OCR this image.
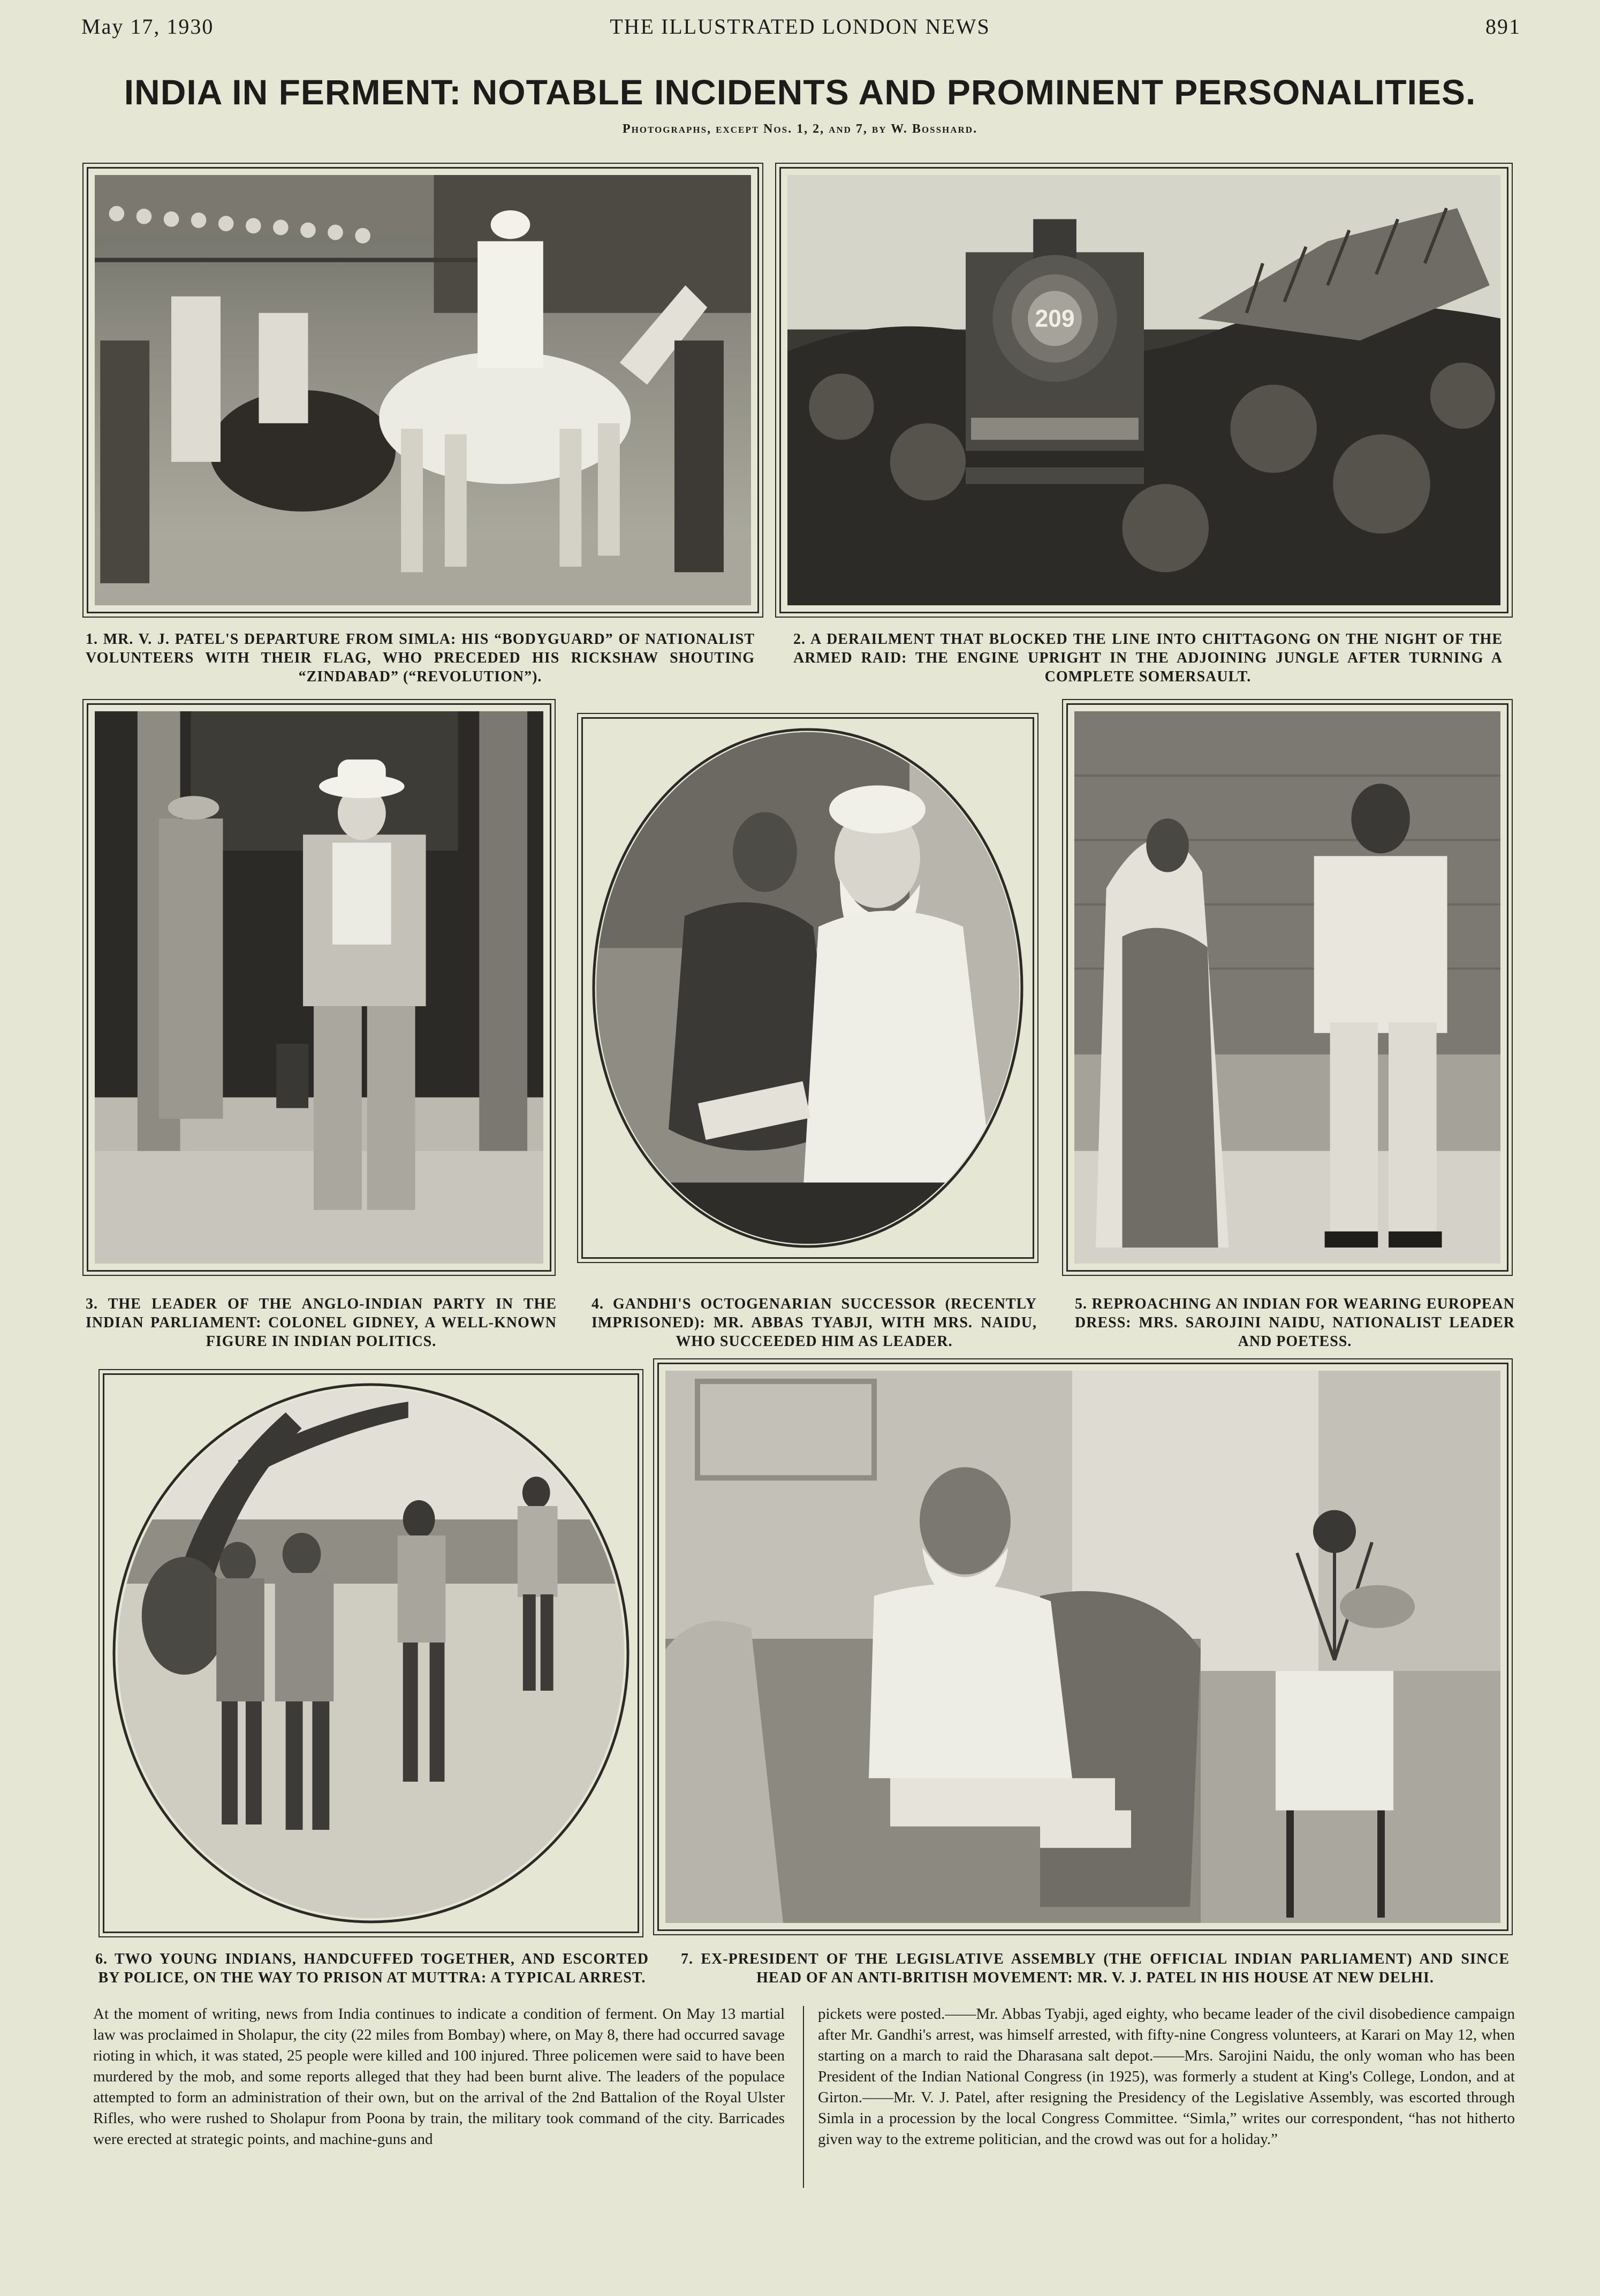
May 17, 1930	THE ILLUSTRATED LONDON NEWS	891
INDIA IN FERMENT: NOTABLE INCIDENTS AND PROMINENT PERSONALITIES.
Photographs, except Nos. 1, 2, and 7, by W. Bosshard.
209
1. MR. V. J. PATEL'S DEPARTURE FROM SIMLA: HIS “BODYGUARD” OF NATIONALIST VOLUNTEERS WITH THEIR FLAG, WHO PRECEDED HIS RICKSHAW SHOUTING “ZINDABAD” (“REVOLUTION”).
2. A DERAILMENT THAT BLOCKED THE LINE INTO CHITTAGONG ON THE NIGHT OF THE ARMED RAID: THE ENGINE UPRIGHT IN THE ADJOINING JUNGLE AFTER TURNING A COMPLETE SOMERSAULT.
3. THE LEADER OF THE ANGLO-INDIAN PARTY IN THE INDIAN PARLIAMENT: COLONEL GIDNEY, A WELL-KNOWN FIGURE IN INDIAN POLITICS.
4. GANDHI'S OCTOGENARIAN SUCCESSOR (RECENTLY IMPRISONED): MR. ABBAS TYABJI, WITH MRS. NAIDU, WHO SUCCEEDED HIM AS LEADER.
5. REPROACHING AN INDIAN FOR WEARING EUROPEAN DRESS: MRS. SAROJINI NAIDU, NATIONALIST LEADER AND POETESS.
6. TWO YOUNG INDIANS, HANDCUFFED TOGETHER, AND ESCORTED BY POLICE, ON THE WAY TO PRISON AT MUTTRA: A TYPICAL ARREST.
7. EX-PRESIDENT OF THE LEGISLATIVE ASSEMBLY (THE OFFICIAL INDIAN PARLIAMENT) AND SINCE HEAD OF AN ANTI-BRITISH MOVEMENT: MR. V. J. PATEL IN HIS HOUSE AT NEW DELHI.
At the moment of writing, news from India continues to indicate a condition of ferment. On May 13 martial law was proclaimed in Sholapur, the city (22 miles from Bombay) where, on May 8, there had occurred savage rioting in which, it was stated, 25 people were killed and 100 injured. Three policemen were said to have been murdered by the mob, and some reports alleged that they had been burnt alive. The leaders of the populace attempted to form an administration of their own, but on the arrival of the 2nd Battalion of the Royal Ulster Rifles, who were rushed to Sholapur from Poona by train, the military took command of the city. Barricades were erected at strategic points, and machine-guns and
pickets were posted.——Mr. Abbas Tyabji, aged eighty, who became leader of the civil disobedience campaign after Mr. Gandhi's arrest, was himself arrested, with fifty-nine Congress volunteers, at Karari on May 12, when starting on a march to raid the Dharasana salt depot.——Mrs. Sarojini Naidu, the only woman who has been President of the Indian National Congress (in 1925), was formerly a student at King's College, London, and at Girton.——Mr. V. J. Patel, after resigning the Presidency of the Legislative Assembly, was escorted through Simla in a procession by the local Congress Committee. “Simla,” writes our correspondent, “has not hitherto given way to the extreme politician, and the crowd was out for a holiday.”
